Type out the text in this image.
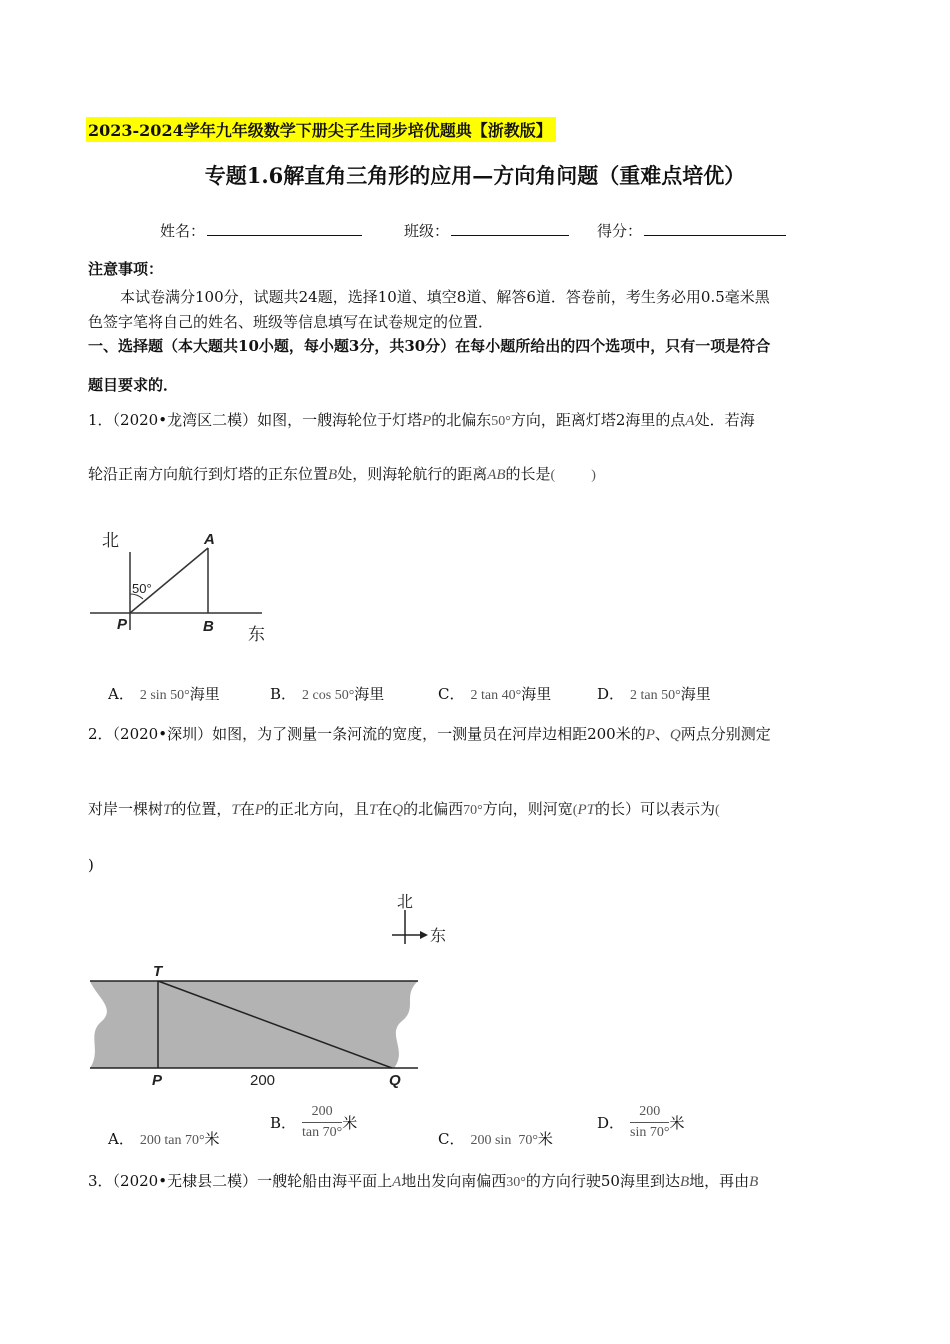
2023-2024学年九年级数学下册尖子生同步培优题典【浙教版】
专题1.6解直角三角形的应用—方向角问题（重难点培优）
姓名：	班级：	得分：
注意事项：
本试卷满分100分，试题共24题，选择10道、填空8道、解答6道．答卷前，考生务必用0.5毫米黑
色签字笔将自己的姓名、班级等信息填写在试卷规定的位置．
一、选择题（本大题共10小题，每小题3分，共30分）在每小题所给出的四个选项中，只有一项是符合
题目要求的．
1．（2020•龙湾区二模）如图，一艘海轮位于灯塔P的北偏东50°方向，距离灯塔2海里的点A处．若海
轮沿正南方向航行到灯塔的正东位置B处，则海轮航行的距离AB的长是(	)
北	A
50°
P	B 东
A． 2 sin 50°海里	B． 2 cos 50°海里	C． 2 tan 40°海里	D． 2 tan 50°海里
2．（2020•深圳）如图，为了测量一条河流的宽度，一测量员在河岸边相距200米的P、Q两点分别测定
对岸一棵树T的位置，T在P的正北方向，且T在Q的北偏西70°方向，则河宽(PT的长）可以表示为(
)
北
东
T
P	200	Q
A． 200 tan 70°米
B． $\frac{200}{\tan 70^\circ}$ 米
C． 200 sin  70°米
D． $\frac{200}{\sin 70^\circ}$ 米
3．（2020•无棣县二模）一艘轮船由海平面上A地出发向南偏西30°的方向行驶50海里到达B地，再由B
